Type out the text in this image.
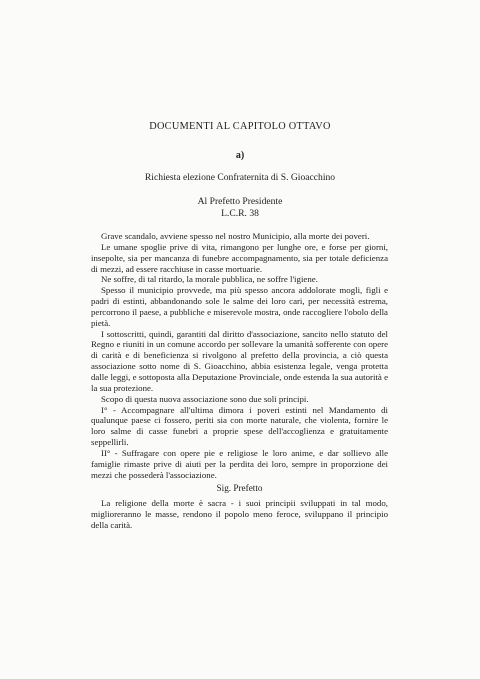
DOCUMENTI AL CAPITOLO OTTAVO
a)
Richiesta elezione Confraternita di S. Gioacchino
Al Prefetto Presidente
L.C.R. 38

Grave scandalo, avviene spesso nel nostro Municipio, alla morte dei poveri.

Le umane spoglie prive di vita, rimangono per lunghe ore, e forse per giorni, insepolte, sia per mancanza di funebre accompagnamento, sia per totale deficienza di mezzi, ad essere racchiuse in casse mortuarie.

Ne soffre, di tal ritardo, la morale pubblica, ne soffre l'igiene.

Spesso il municipio provvede, ma più spesso ancora addolorate mogli, figli e padri di estinti, abbandonando sole le salme dei loro cari, per necessità estrema, percorrono il paese, a pubbliche e miserevole mostra, onde raccogliere l'obolo della pietà.

I sottoscritti, quindi, garantiti dal diritto d'associazione, sancito nello statuto del Regno e riuniti in un comune accordo per sollevare la umanità sofferente con opere di carità e di beneficienza si rivolgono al prefetto della provincia, a ciò questa associazione sotto nome di S. Gioacchino, abbia esistenza legale, venga protetta dalle leggi, e sottoposta alla Deputazione Provinciale, onde estenda la sua autorità e la sua protezione.

Scopo di questa nuova associazione sono due soli principi.

I° - Accompagnare all'ultima dimora i poveri estinti nel Mandamento di qualunque paese ci fossero, periti sia con morte naturale, che violenta, fornire le loro salme di casse funebri a proprie spese dell'accoglienza e gratuitamente seppellirli.

II° - Suffragare con opere pie e religiose le loro anime, e dar sollievo alle famiglie rimaste prive di aiuti per la perdita dei loro, sempre in proporzione dei mezzi che possederà l'associazione.

Sig. Prefetto

La religione della morte è sacra - i suoi principii sviluppati in tal modo, miglioreranno le masse, rendono il popolo meno feroce, sviluppano il principio della carità.
